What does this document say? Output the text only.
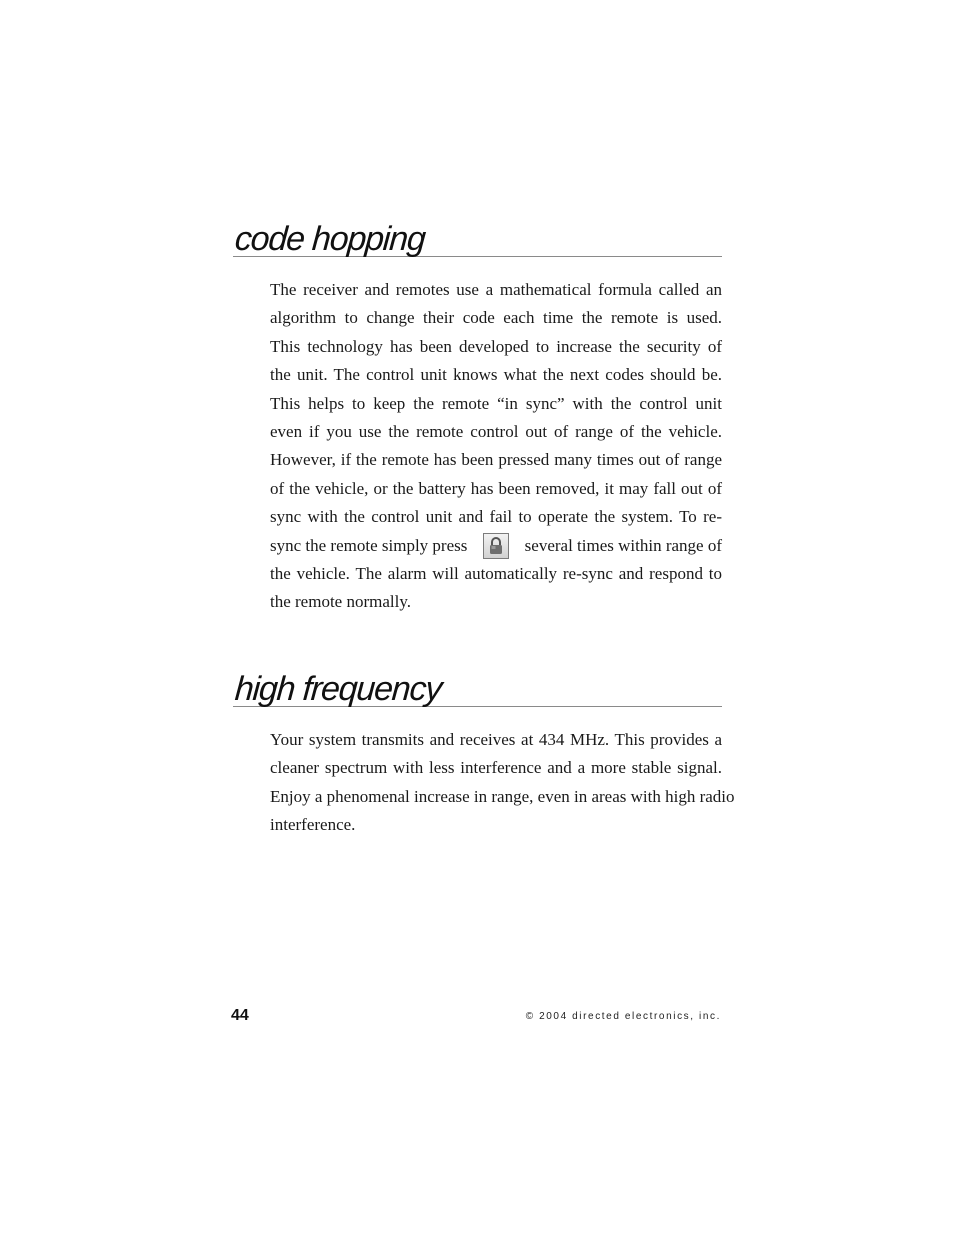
code hopping
The receiver and remotes use a mathematical formula called an
algorithm to change their code each time the remote is used.
This technology has been developed to increase the security of
the unit. The control unit knows what the next codes should be.
This helps to keep the remote “in sync” with the control unit
even if you use the remote control out of range of the vehicle.
However, if the remote has been pressed many times out of range
of the vehicle, or the battery has been removed, it may fall out of
sync with the control unit and fail to operate the system. To re-
sync the remote simply press	several times within range of
the vehicle. The alarm will automatically re-sync and respond to
the remote normally.
high frequency
Your system transmits and receives at 434 MHz. This provides a
cleaner spectrum with less interference and a more stable signal.
Enjoy a phenomenal increase in range, even in areas with high radio
interference.
44	© 2004 directed electronics, inc.
